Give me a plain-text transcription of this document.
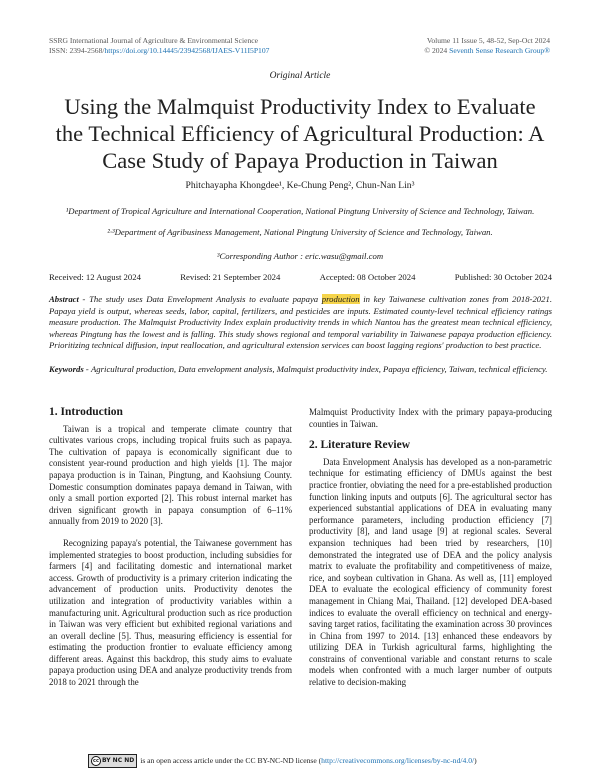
SSRG International Journal of Agriculture & Environmental Science
ISSN: 2394-2568/https://doi.org/10.14445/23942568/IJAES-V11I5P107
Volume 11 Issue 5, 48-52, Sep-Oct 2024
© 2024 Seventh Sense Research Group®
Original Article
Using the Malmquist Productivity Index to Evaluate the Technical Efficiency of Agricultural Production: A Case Study of Papaya Production in Taiwan
Phitchayapha Khongdee¹, Ke-Chung Peng², Chun-Nan Lin³
¹Department of Tropical Agriculture and International Cooperation, National Pingtung University of Science and Technology, Taiwan.
²·³Department of Agribusiness Management, National Pingtung University of Science and Technology, Taiwan.
³Corresponding Author : eric.wasu@gmail.com
Received: 12 August 2024	Revised: 21 September 2024	Accepted: 08 October 2024	Published: 30 October 2024
Abstract - The study uses Data Envelopment Analysis to evaluate papaya production in key Taiwanese cultivation zones from 2018-2021. Papaya yield is output, whereas seeds, labor, capital, fertilizers, and pesticides are inputs. Estimated county-level technical efficiency ratings measure production. The Malmquist Productivity Index explain productivity trends in which Nantou has the greatest mean technical efficiency, whereas Pingtung has the lowest and is falling. This study shows regional and temporal variability in Taiwanese papaya production efficiency. Prioritizing technical diffusion, input reallocation, and agricultural extension services can boost lagging regions' production to best practice.
Keywords - Agricultural production, Data envelopment analysis, Malmquist productivity index, Papaya efficiency, Taiwan, technical efficiency.
1. Introduction

Taiwan is a tropical and temperate climate country that cultivates various crops, including tropical fruits such as papaya. The cultivation of papaya is economically significant due to consistent year-round production and high yields [1]. The major papaya production is in Tainan, Pingtung, and Kaohsiung County. Domestic consumption dominates papaya demand in Taiwan, with only a small portion exported [2]. This robust internal market has driven significant growth in papaya consumption of 6–11% annually from 2019 to 2020 [3].

Recognizing papaya's potential, the Taiwanese government has implemented strategies to boost production, including subsidies for farmers [4] and facilitating domestic and international market access. Growth of productivity is a primary criterion indicating the advancement of production units. Productivity denotes the utilization and integration of productivity variables within a manufacturing unit. Agricultural production such as rice production in Taiwan was very efficient but exhibited regional variations and an overall decline [5]. Thus, measuring efficiency is essential for estimating the production frontier to evaluate efficiency among different areas. Against this backdrop, this study aims to evaluate papaya production using DEA and analyze productivity trends from 2018 to 2021 through the

Malmquist Productivity Index with the primary papaya-producing counties in Taiwan.

2. Literature Review

Data Envelopment Analysis has developed as a non-parametric technique for estimating efficiency of DMUs against the best practice frontier, obviating the need for a pre-established production function linking inputs and outputs [6]. The agricultural sector has experienced substantial applications of DEA in evaluating many performance parameters, including production efficiency [7] productivity [8], and land usage [9] at regional scales. Several expansion techniques had been tried by researchers, [10] demonstrated the integrated use of DEA and the policy analysis matrix to evaluate the profitability and competitiveness of maize, rice, and soybean cultivation in Ghana. As well as, [11] employed DEA to evaluate the ecological efficiency of community forest management in Chiang Mai, Thailand. [12] developed DEA-based indices to evaluate the overall efficiency on technical and energy-saving target ratios, facilitating the examination across 30 provinces in China from 1997 to 2014. [13] enhanced these endeavors by utilizing DEA in Turkish agricultural farms, highlighting the constrains of conventional variable and constant returns to scale models when confronted with a much larger number of outputs relative to decision-making

cc BY NC ND is an open access article under the CC BY-NC-ND license ( http://creativecommons.org/licenses/by-nc-nd/4.0/ )
